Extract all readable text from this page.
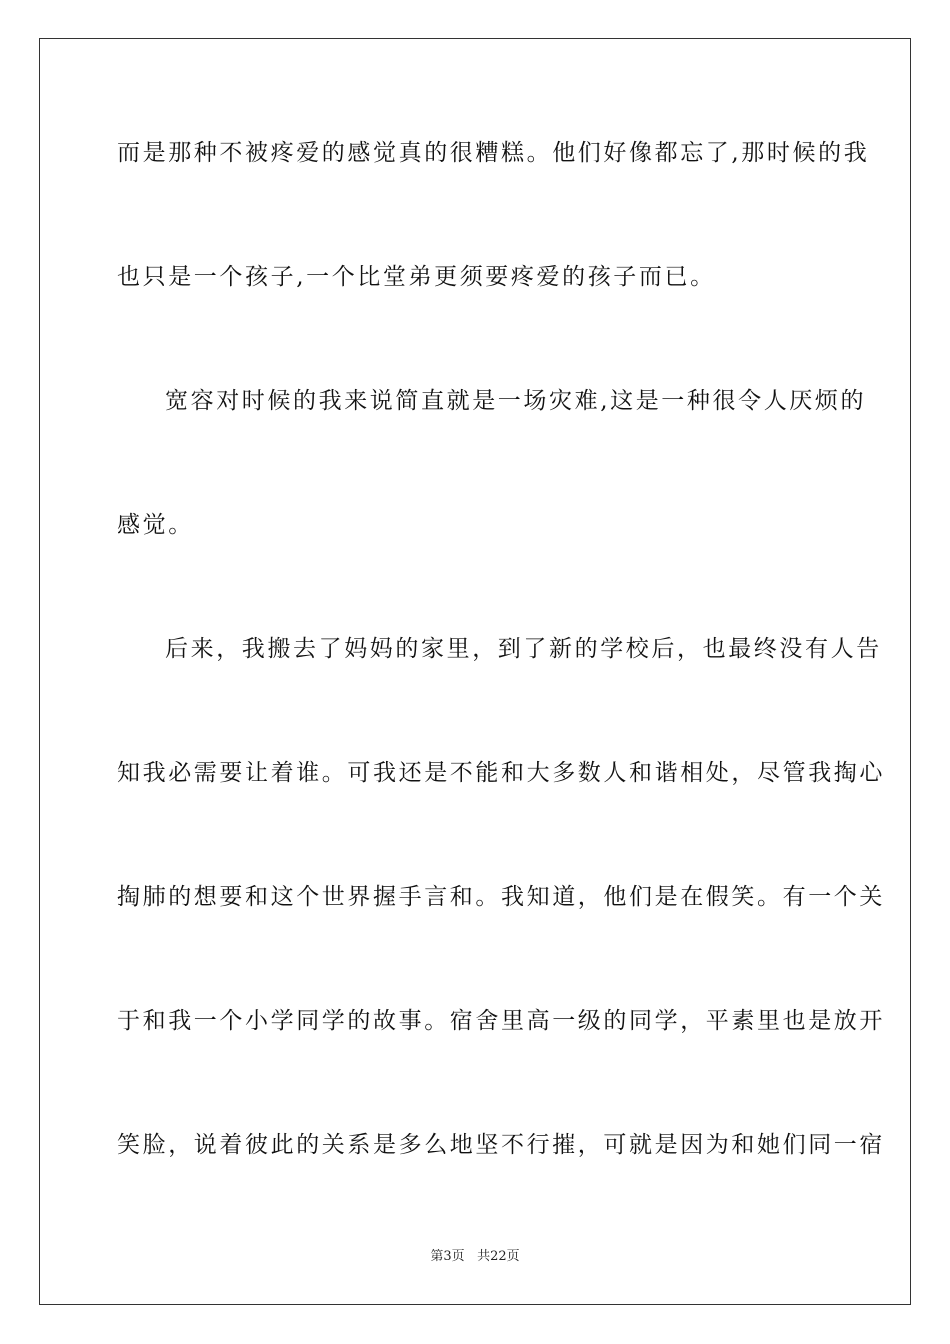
而是那种不被疼爱的感觉真的很糟糕。他们好像都忘了,那时候的我
也只是一个孩子,一个比堂弟更须要疼爱的孩子而已。
宽容对时候的我来说简直就是一场灾难,这是一种很令人厌烦的
感觉。
后来，我搬去了妈妈的家里，到了新的学校后，也最终没有人告
知我必需要让着谁。可我还是不能和大多数人和谐相处，尽管我掏心
掏肺的想要和这个世界握手言和。我知道，他们是在假笑。有一个关
于和我一个小学同学的故事。宿舍里高一级的同学，平素里也是放开
笑脸，说着彼此的关系是多么地坚不行摧，可就是因为和她们同一宿
第3页 共22页
